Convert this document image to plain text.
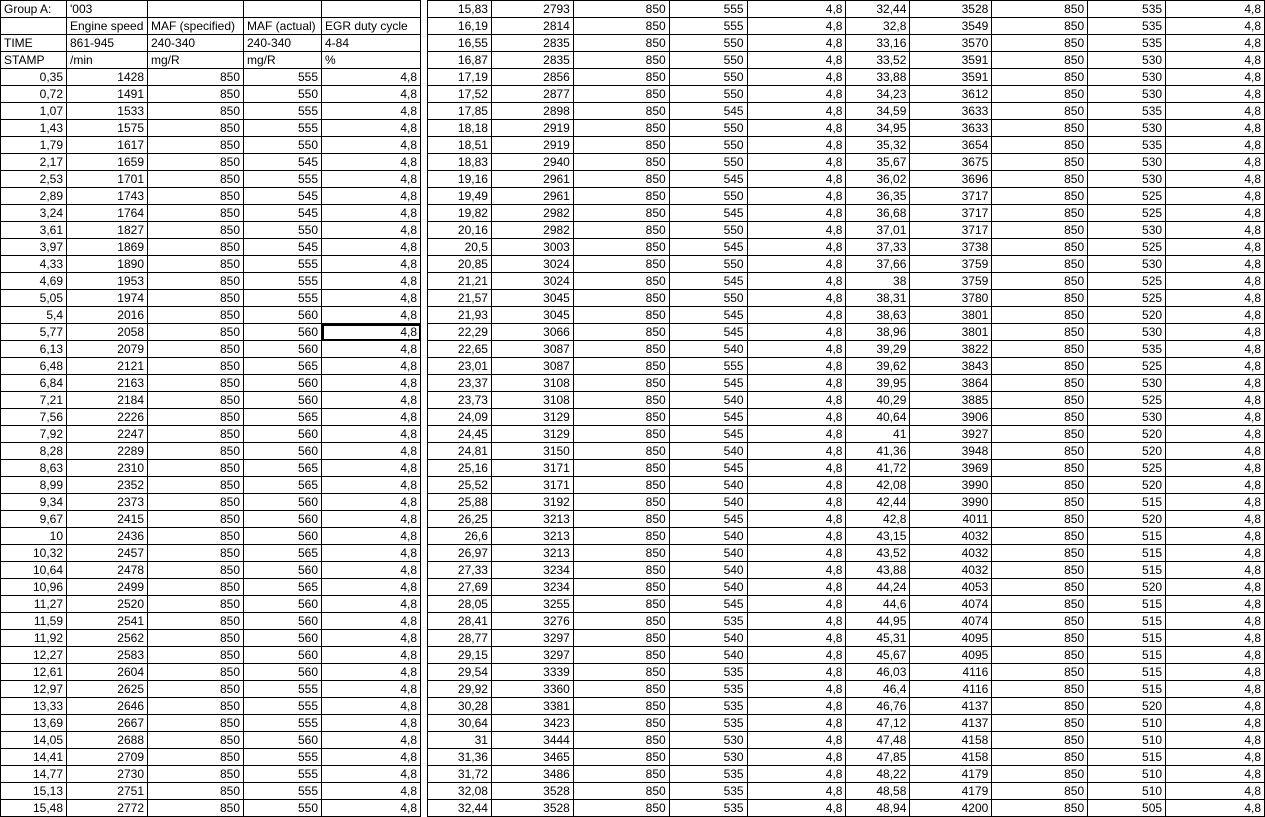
Group A:	'003			
	Engine speed	MAF (specified)	MAF (actual)	EGR duty cycle
TIME	861-945	240-340	240-340	4-84
STAMP	/min	mg/R	mg/R	%
0,35	1428	850	555	4,8
0,72	1491	850	550	4,8
1,07	1533	850	555	4,8
1,43	1575	850	555	4,8
1,79	1617	850	550	4,8
2,17	1659	850	545	4,8
2,53	1701	850	555	4,8
2,89	1743	850	545	4,8
3,24	1764	850	545	4,8
3,61	1827	850	550	4,8
3,97	1869	850	545	4,8
4,33	1890	850	555	4,8
4,69	1953	850	555	4,8
5,05	1974	850	555	4,8
5,4	2016	850	560	4,8
5,77	2058	850	560	4,8
6,13	2079	850	560	4,8
6,48	2121	850	565	4,8
6,84	2163	850	560	4,8
7,21	2184	850	560	4,8
7,56	2226	850	565	4,8
7,92	2247	850	560	4,8
8,28	2289	850	560	4,8
8,63	2310	850	565	4,8
8,99	2352	850	565	4,8
9,34	2373	850	560	4,8
9,67	2415	850	560	4,8
10	2436	850	560	4,8
10,32	2457	850	565	4,8
10,64	2478	850	560	4,8
10,96	2499	850	565	4,8
11,27	2520	850	560	4,8
11,59	2541	850	560	4,8
11,92	2562	850	560	4,8
12,27	2583	850	560	4,8
12,61	2604	850	560	4,8
12,97	2625	850	555	4,8
13,33	2646	850	555	4,8
13,69	2667	850	555	4,8
14,05	2688	850	560	4,8
14,41	2709	850	555	4,8
14,77	2730	850	555	4,8
15,13	2751	850	555	4,8
15,48	2772	850	550	4,8
15,83	2793	850	555	4,8	32,44	3528	850	535	4,8
16,19	2814	850	555	4,8	32,8	3549	850	535	4,8
16,55	2835	850	550	4,8	33,16	3570	850	535	4,8
16,87	2835	850	550	4,8	33,52	3591	850	530	4,8
17,19	2856	850	550	4,8	33,88	3591	850	530	4,8
17,52	2877	850	550	4,8	34,23	3612	850	530	4,8
17,85	2898	850	545	4,8	34,59	3633	850	535	4,8
18,18	2919	850	550	4,8	34,95	3633	850	530	4,8
18,51	2919	850	550	4,8	35,32	3654	850	535	4,8
18,83	2940	850	550	4,8	35,67	3675	850	530	4,8
19,16	2961	850	545	4,8	36,02	3696	850	530	4,8
19,49	2961	850	550	4,8	36,35	3717	850	525	4,8
19,82	2982	850	545	4,8	36,68	3717	850	525	4,8
20,16	2982	850	550	4,8	37,01	3717	850	530	4,8
20,5	3003	850	545	4,8	37,33	3738	850	525	4,8
20,85	3024	850	550	4,8	37,66	3759	850	530	4,8
21,21	3024	850	545	4,8	38	3759	850	525	4,8
21,57	3045	850	550	4,8	38,31	3780	850	525	4,8
21,93	3045	850	545	4,8	38,63	3801	850	520	4,8
22,29	3066	850	545	4,8	38,96	3801	850	530	4,8
22,65	3087	850	540	4,8	39,29	3822	850	535	4,8
23,01	3087	850	555	4,8	39,62	3843	850	525	4,8
23,37	3108	850	545	4,8	39,95	3864	850	530	4,8
23,73	3108	850	540	4,8	40,29	3885	850	525	4,8
24,09	3129	850	545	4,8	40,64	3906	850	530	4,8
24,45	3129	850	545	4,8	41	3927	850	520	4,8
24,81	3150	850	540	4,8	41,36	3948	850	520	4,8
25,16	3171	850	545	4,8	41,72	3969	850	525	4,8
25,52	3171	850	540	4,8	42,08	3990	850	520	4,8
25,88	3192	850	540	4,8	42,44	3990	850	515	4,8
26,25	3213	850	545	4,8	42,8	4011	850	520	4,8
26,6	3213	850	540	4,8	43,15	4032	850	515	4,8
26,97	3213	850	540	4,8	43,52	4032	850	515	4,8
27,33	3234	850	540	4,8	43,88	4032	850	515	4,8
27,69	3234	850	540	4,8	44,24	4053	850	520	4,8
28,05	3255	850	545	4,8	44,6	4074	850	515	4,8
28,41	3276	850	535	4,8	44,95	4074	850	515	4,8
28,77	3297	850	540	4,8	45,31	4095	850	515	4,8
29,15	3297	850	540	4,8	45,67	4095	850	515	4,8
29,54	3339	850	535	4,8	46,03	4116	850	515	4,8
29,92	3360	850	535	4,8	46,4	4116	850	515	4,8
30,28	3381	850	535	4,8	46,76	4137	850	520	4,8
30,64	3423	850	535	4,8	47,12	4137	850	510	4,8
31	3444	850	530	4,8	47,48	4158	850	510	4,8
31,36	3465	850	530	4,8	47,85	4158	850	515	4,8
31,72	3486	850	535	4,8	48,22	4179	850	510	4,8
32,08	3528	850	535	4,8	48,58	4179	850	510	4,8
32,44	3528	850	535	4,8	48,94	4200	850	505	4,8
